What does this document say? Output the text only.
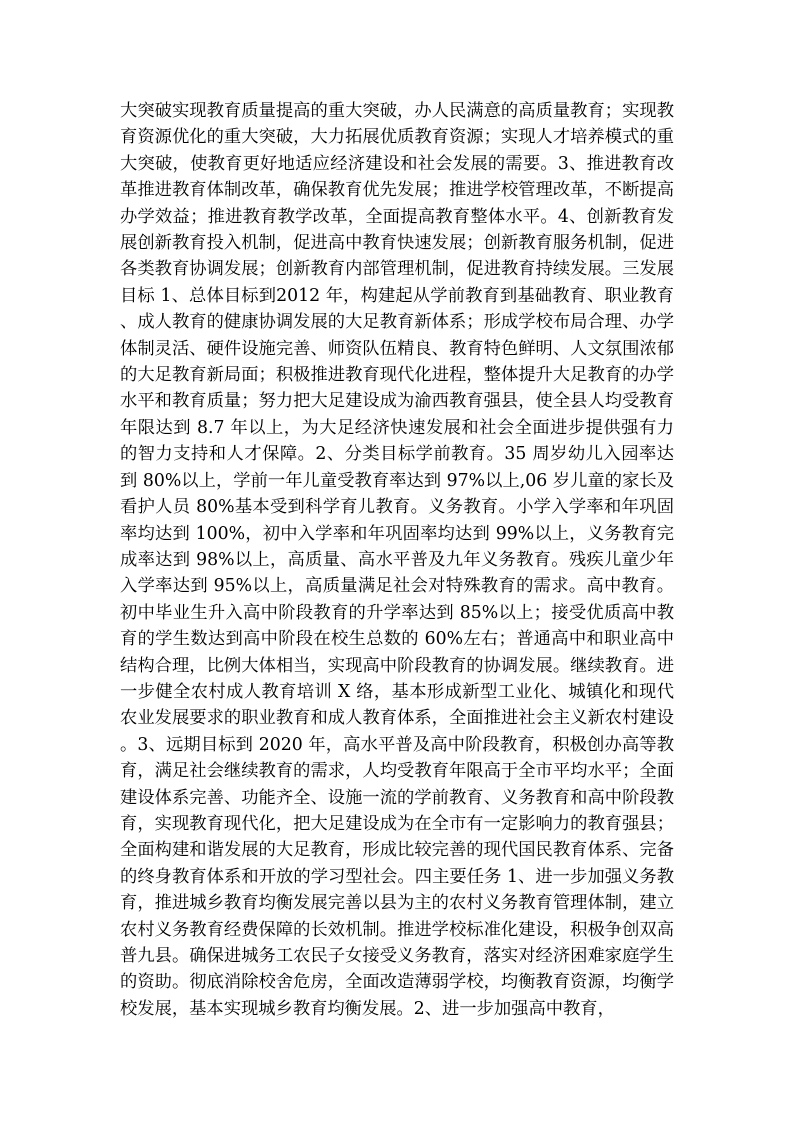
大突破实现教育质量提高的重大突破，办人民满意的高质量教育；实现教育资源优化的重大突破，大力拓展优质教育资源；实现人才培养模式的重大突破，使教育更好地适应经济建设和社会发展的需要。3、推进教育改革推进教育体制改革，确保教育优先发展；推进学校管理改革，不断提高办学效益；推进教育教学改革，全面提高教育整体水平。4、创新教育发展创新教育投入机制，促进高中教育快速发展；创新教育服务机制，促进各类教育协调发展；创新教育内部管理机制，促进教育持续发展。三发展目标 1、总体目标到2012 年，构建起从学前教育到基础教育、职业教育、成人教育的健康协调发展的大足教育新体系；形成学校布局合理、办学体制灵活、硬件设施完善、师资队伍精良、教育特色鲜明、人文氛围浓郁的大足教育新局面；积极推进教育现代化进程，整体提升大足教育的办学水平和教育质量；努力把大足建设成为渝西教育强县，使全县人均受教育年限达到 8.7 年以上，为大足经济快速发展和社会全面进步提供强有力的智力支持和人才保障。2、分类目标学前教育。35 周岁幼儿入园率达到 80%以上，学前一年儿童受教育率达到 97%以上,06 岁儿童的家长及看护人员 80%基本受到科学育儿教育。义务教育。小学入学率和年巩固率均达到 100%，初中入学率和年巩固率均达到 99%以上，义务教育完成率达到 98%以上，高质量、高水平普及九年义务教育。残疾儿童少年入学率达到 95%以上，高质量满足社会对特殊教育的需求。高中教育。初中毕业生升入高中阶段教育的升学率达到 85%以上；接受优质高中教育的学生数达到高中阶段在校生总数的 60%左右；普通高中和职业高中结构合理，比例大体相当，实现高中阶段教育的协调发展。继续教育。进一步健全农村成人教育培训 X 络，基本形成新型工业化、城镇化和现代农业发展要求的职业教育和成人教育体系，全面推进社会主义新农村建设。3、远期目标到 2020 年，高水平普及高中阶段教育，积极创办高等教育，满足社会继续教育的需求，人均受教育年限高于全市平均水平；全面建设体系完善、功能齐全、设施一流的学前教育、义务教育和高中阶段教育，实现教育现代化，把大足建设成为在全市有一定影响力的教育强县；全面构建和谐发展的大足教育，形成比较完善的现代国民教育体系、完备的终身教育体系和开放的学习型社会。四主要任务 1、进一步加强义务教育，推进城乡教育均衡发展完善以县为主的农村义务教育管理体制，建立农村义务教育经费保障的长效机制。推进学校标准化建设，积极争创双高普九县。确保进城务工农民子女接受义务教育，落实对经济困难家庭学生的资助。彻底消除校舍危房，全面改造薄弱学校，均衡教育资源，均衡学校发展，基本实现城乡教育均衡发展。2、进一步加强高中教育，
